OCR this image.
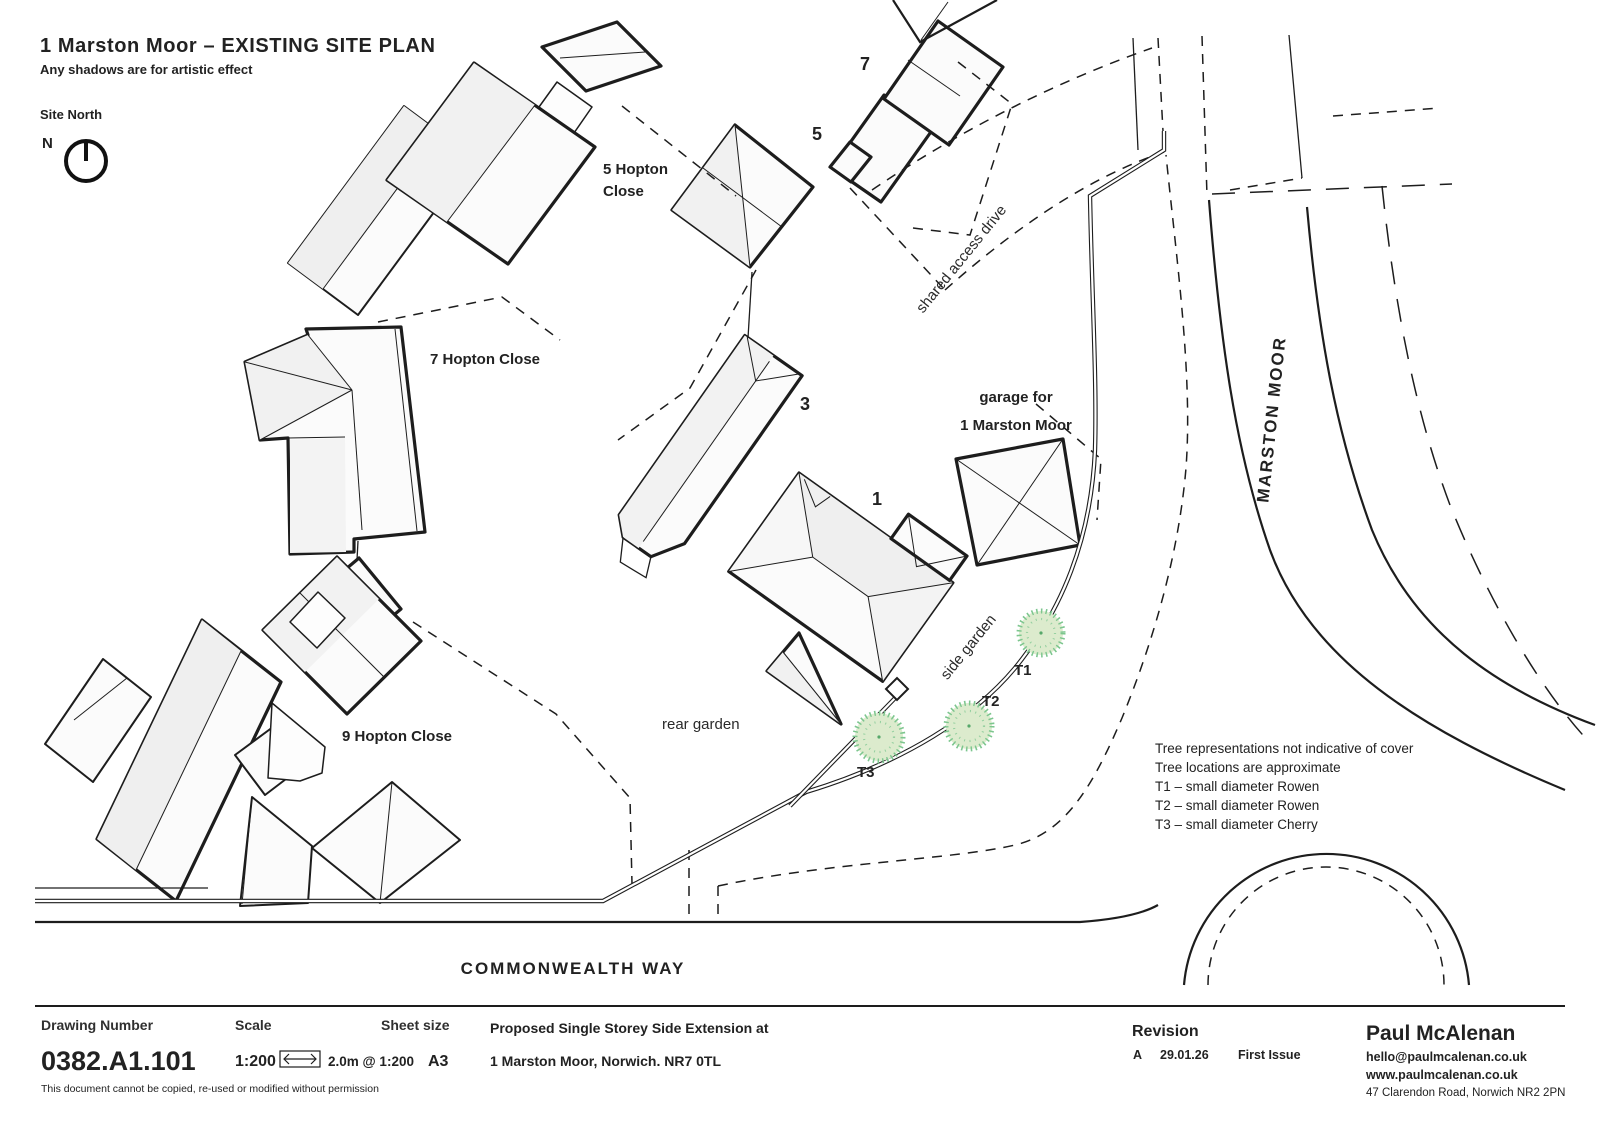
1 Marston Moor – EXISTING SITE PLAN
Any shadows are for artistic effect
Site North
N
5 Hopton
Close
7 Hopton Close
9 Hopton Close
7
5
3
1
garage for
1 Marston Moor
side garden
rear garden
shared access drive
T1
T2
T3
MARSTON MOOR
COMMONWEALTH WAY
Tree representations not indicative of cover
Tree locations are approximate
T1 – small diameter Rowen
T2 – small diameter Rowen
T3 – small diameter Cherry
Drawing Number
0382.A1.101
This document cannot be copied, re-used or modified without permission
Scale
1:200	2.0m @ 1:200
Sheet size
A3
Proposed Single Storey Side Extension at
1 Marston Moor, Norwich. NR7 0TL
Revision
A 29.01.26 First Issue
Paul McAlenan
hello@paulmcalenan.co.uk
www.paulmcalenan.co.uk
47 Clarendon Road, Norwich NR2 2PN
